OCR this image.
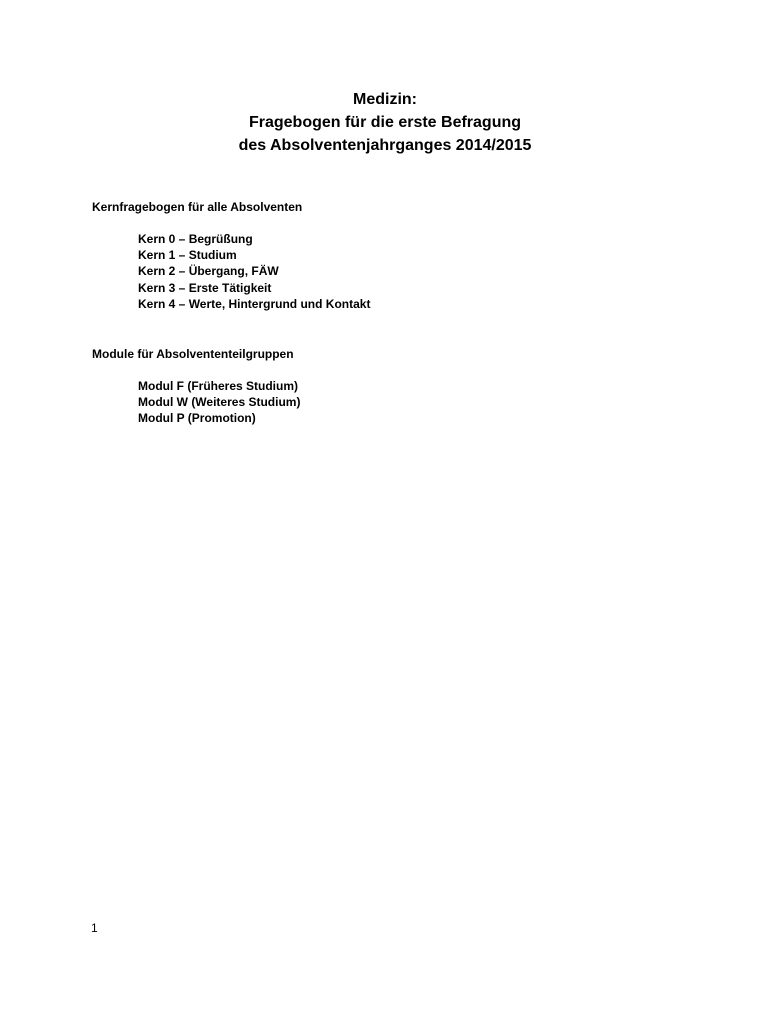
Medizin:
Fragebogen für die erste Befragung
des Absolventenjahrganges 2014/2015
Kernfragebogen für alle Absolventen
Kern 0 – Begrüßung
Kern 1 – Studium
Kern 2 – Übergang, FÄW
Kern 3 – Erste Tätigkeit
Kern 4 – Werte, Hintergrund und Kontakt
Module für Absolvententeilgruppen
Modul F (Früheres Studium)
Modul W (Weiteres Studium)
Modul P (Promotion)
1
